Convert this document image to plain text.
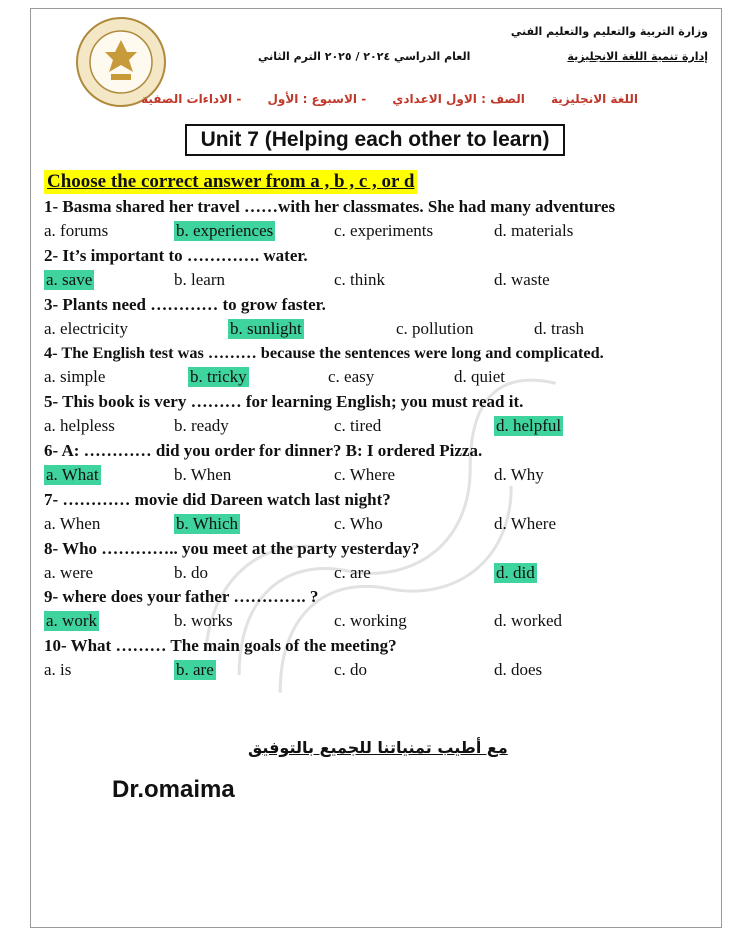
وزارة التربية والتعليم والتعليم الفني
إدارة تنمية اللغة الانجليزية
العام الدراسي ٢٠٢٤ / ٢٠٢٥ الترم الثاني
اللغة الانجليزية الصف : الاول الاعدادي - الاسبوع : الأول - الاداءات الصفية
Unit 7 (Helping each other to learn)
Choose the correct answer from a , b , c , or d
1- Basma shared her travel ……with her classmates. She had many adventures
a. forums	b. experiences	c. experiments	d. materials
2- It’s important to …………. water.
a. save	b. learn	c. think	d. waste
3- Plants need ………… to grow faster.
a. electricity	b. sunlight	c. pollution	d. trash
4- The English test was ……… because the sentences were long and complicated.
a. simple	b. tricky	c. easy	d. quiet
5- This book is very ……… for learning English; you must read it.
a. helpless	b. ready	c. tired	d. helpful
6- A: ………… did you order for dinner? B: I ordered Pizza.
a. What	b. When	c. Where	d. Why
7- ………… movie did Dareen watch last night?
a. When	b. Which	c. Who	d. Where
8- Who ………….. you meet at the party yesterday?
a. were	b. do	c. are	d. did
9- where does your father …………. ?
a. work	b. works	c. working	d. worked
10- What ……… The main goals of the meeting?
a. is	b. are	c. do	d. does
مع أطيب تمنياتنا للجميع بالتوفيق
Dr.omaima
